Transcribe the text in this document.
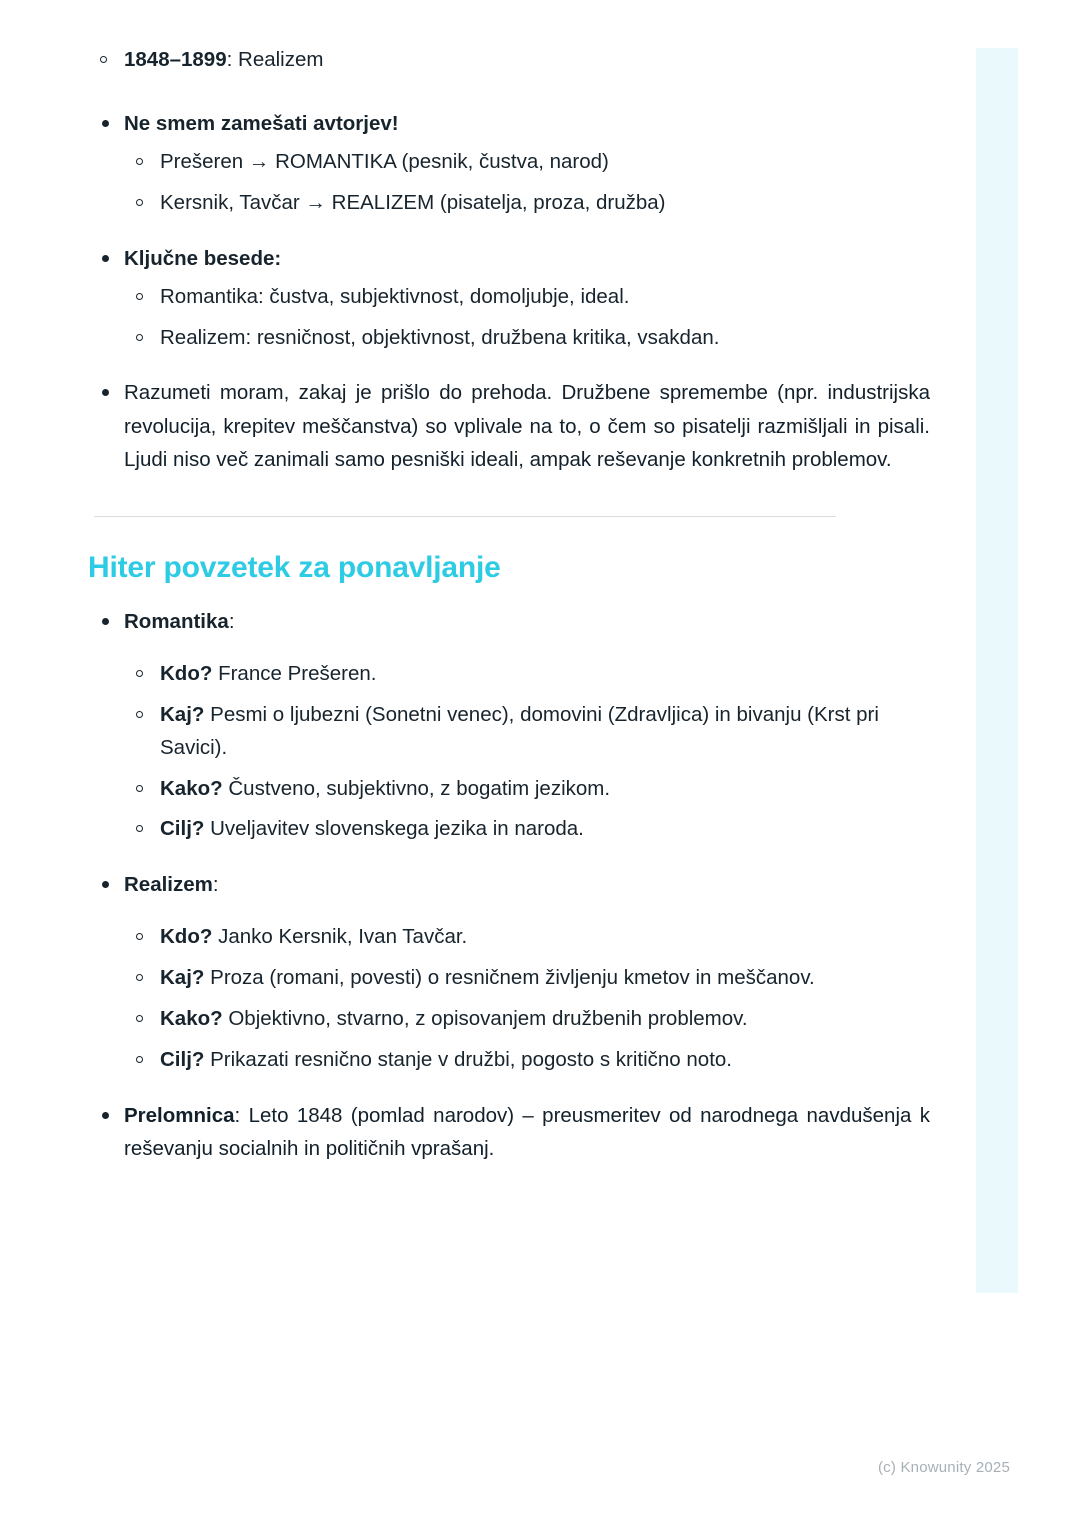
1848–1899: Realizem
Ne smem zamešati avtorjev!
Prešeren → ROMANTIKA (pesnik, čustva, narod)
Kersnik, Tavčar → REALIZEM (pisatelja, proza, družba)
Ključne besede:
Romantika: čustva, subjektivnost, domoljubje, ideal.
Realizem: resničnost, objektivnost, družbena kritika, vsakdan.
Razumeti moram, zakaj je prišlo do prehoda. Družbene spremembe (npr. industrijska revolucija, krepitev meščanstva) so vplivale na to, o čem so pisatelji razmišljali in pisali. Ljudi niso več zanimali samo pesniški ideali, ampak reševanje konkretnih problemov.
Hiter povzetek za ponavljanje
Romantika:
Kdo? France Prešeren.
Kaj? Pesmi o ljubezni (Sonetni venec), domovini (Zdravljica) in bivanju (Krst pri Savici).
Kako? Čustveno, subjektivno, z bogatim jezikom.
Cilj? Uveljavitev slovenskega jezika in naroda.
Realizem:
Kdo? Janko Kersnik, Ivan Tavčar.
Kaj? Proza (romani, povesti) o resničnem življenju kmetov in meščanov.
Kako? Objektivno, stvarno, z opisovanjem družbenih problemov.
Cilj? Prikazati resnično stanje v družbi, pogosto s kritično noto.
Prelomnica: Leto 1848 (pomlad narodov) – preusmeritev od narodnega navdušenja k reševanju socialnih in političnih vprašanj.
(c) Knowunity 2025
